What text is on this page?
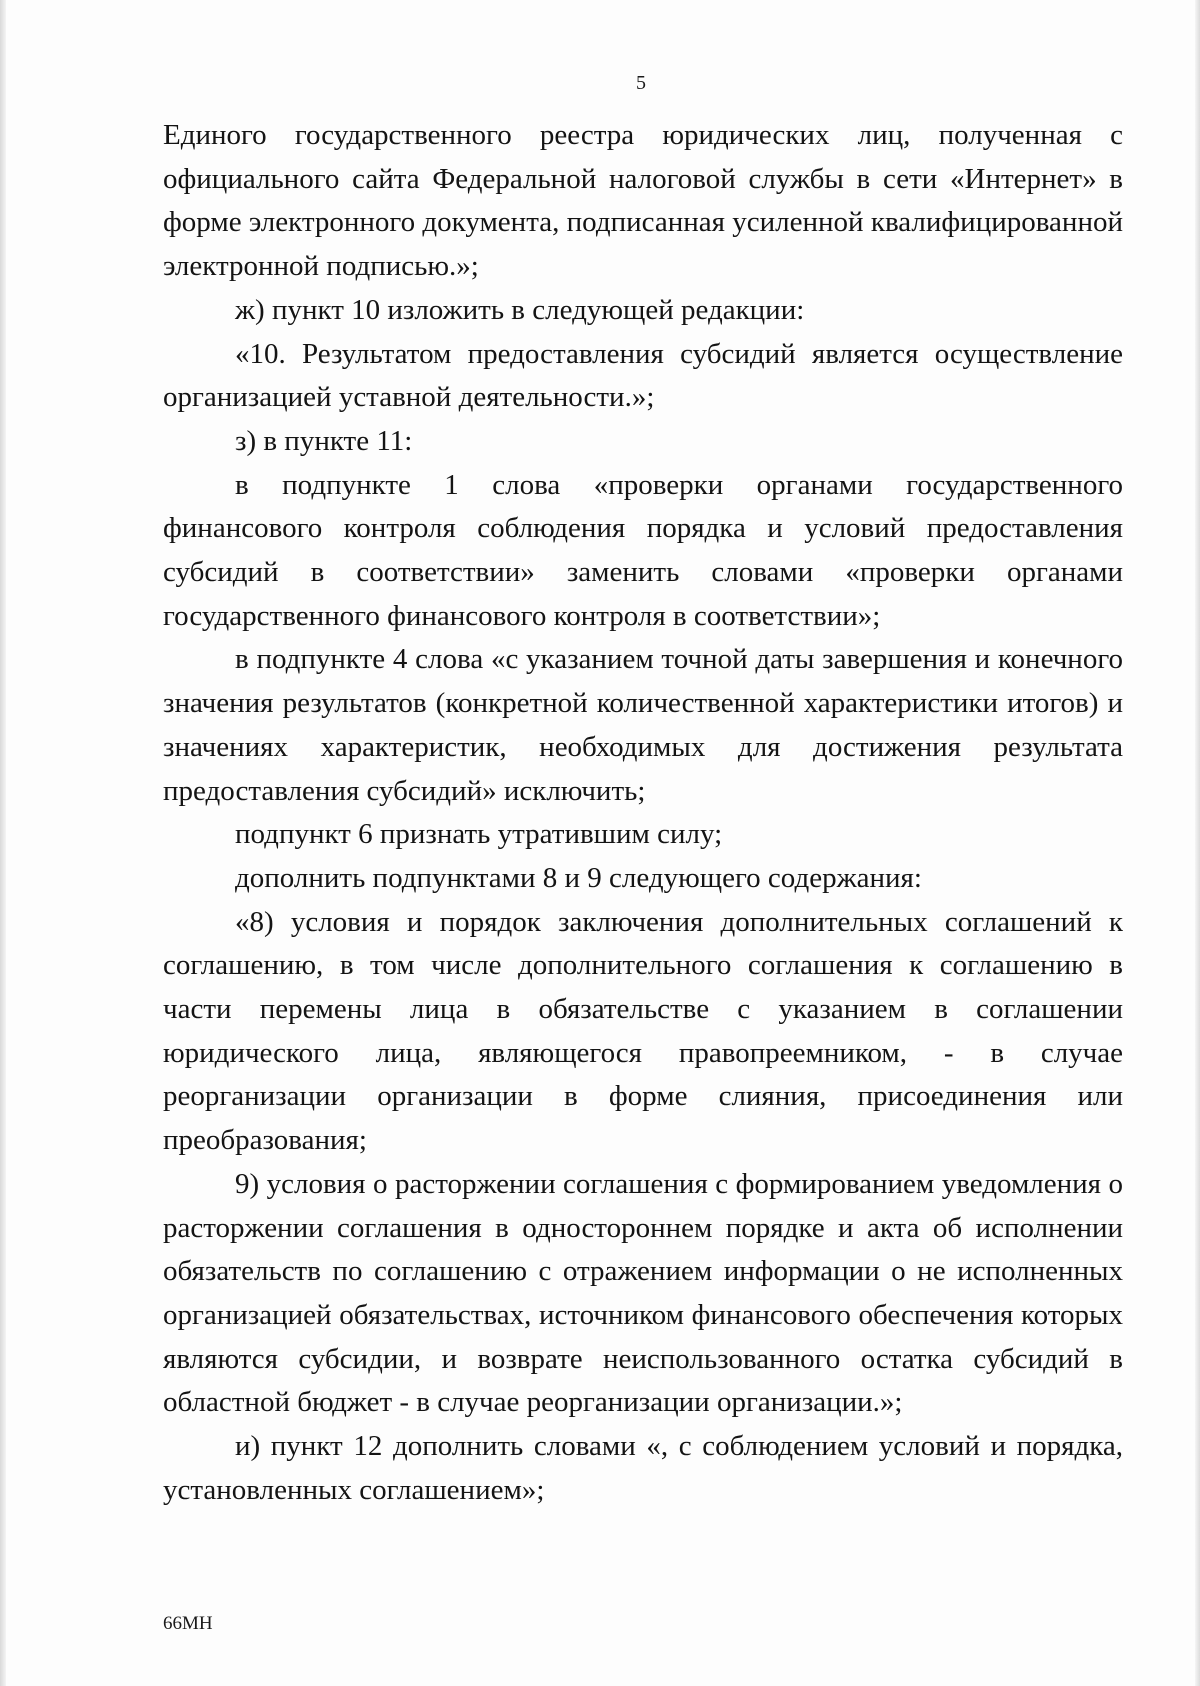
5

Единого государственного реестра юридических лиц, полученная с официального сайта Федеральной налоговой службы в сети «Интернет» в форме электронного документа, подписанная усиленной квалифицированной электронной подписью.»;

ж) пункт 10 изложить в следующей редакции:

«10. Результатом предоставления субсидий является осуществление организацией уставной деятельности.»;

з) в пункте 11:

в подпункте 1 слова «проверки органами государственного финансового контроля соблюдения порядка и условий предоставления субсидий в соответствии» заменить словами «проверки органами государственного финансового контроля в соответствии»;

в подпункте 4 слова «с указанием точной даты завершения и конечного значения результатов (конкретной количественной характеристики итогов) и значениях характеристик, необходимых для достижения результата предоставления субсидий» исключить;

подпункт 6 признать утратившим силу;

дополнить подпунктами 8 и 9 следующего содержания:

«8) условия и порядок заключения дополнительных соглашений к соглашению, в том числе дополнительного соглашения к соглашению в части перемены лица в обязательстве с указанием в соглашении юридического лица, являющегося правопреемником, - в случае реорганизации организации в форме слияния, присоединения или преобразования;

9) условия о расторжении соглашения с формированием уведомления о расторжении соглашения в одностороннем порядке и акта об исполнении обязательств по соглашению с отражением информации о не исполненных организацией обязательствах, источником финансового обеспечения которых являются субсидии, и возврате неиспользованного остатка субсидий в областной бюджет - в случае реорганизации организации.»;

и) пункт 12 дополнить словами «, с соблюдением условий и порядка, установленных соглашением»;

66МН
